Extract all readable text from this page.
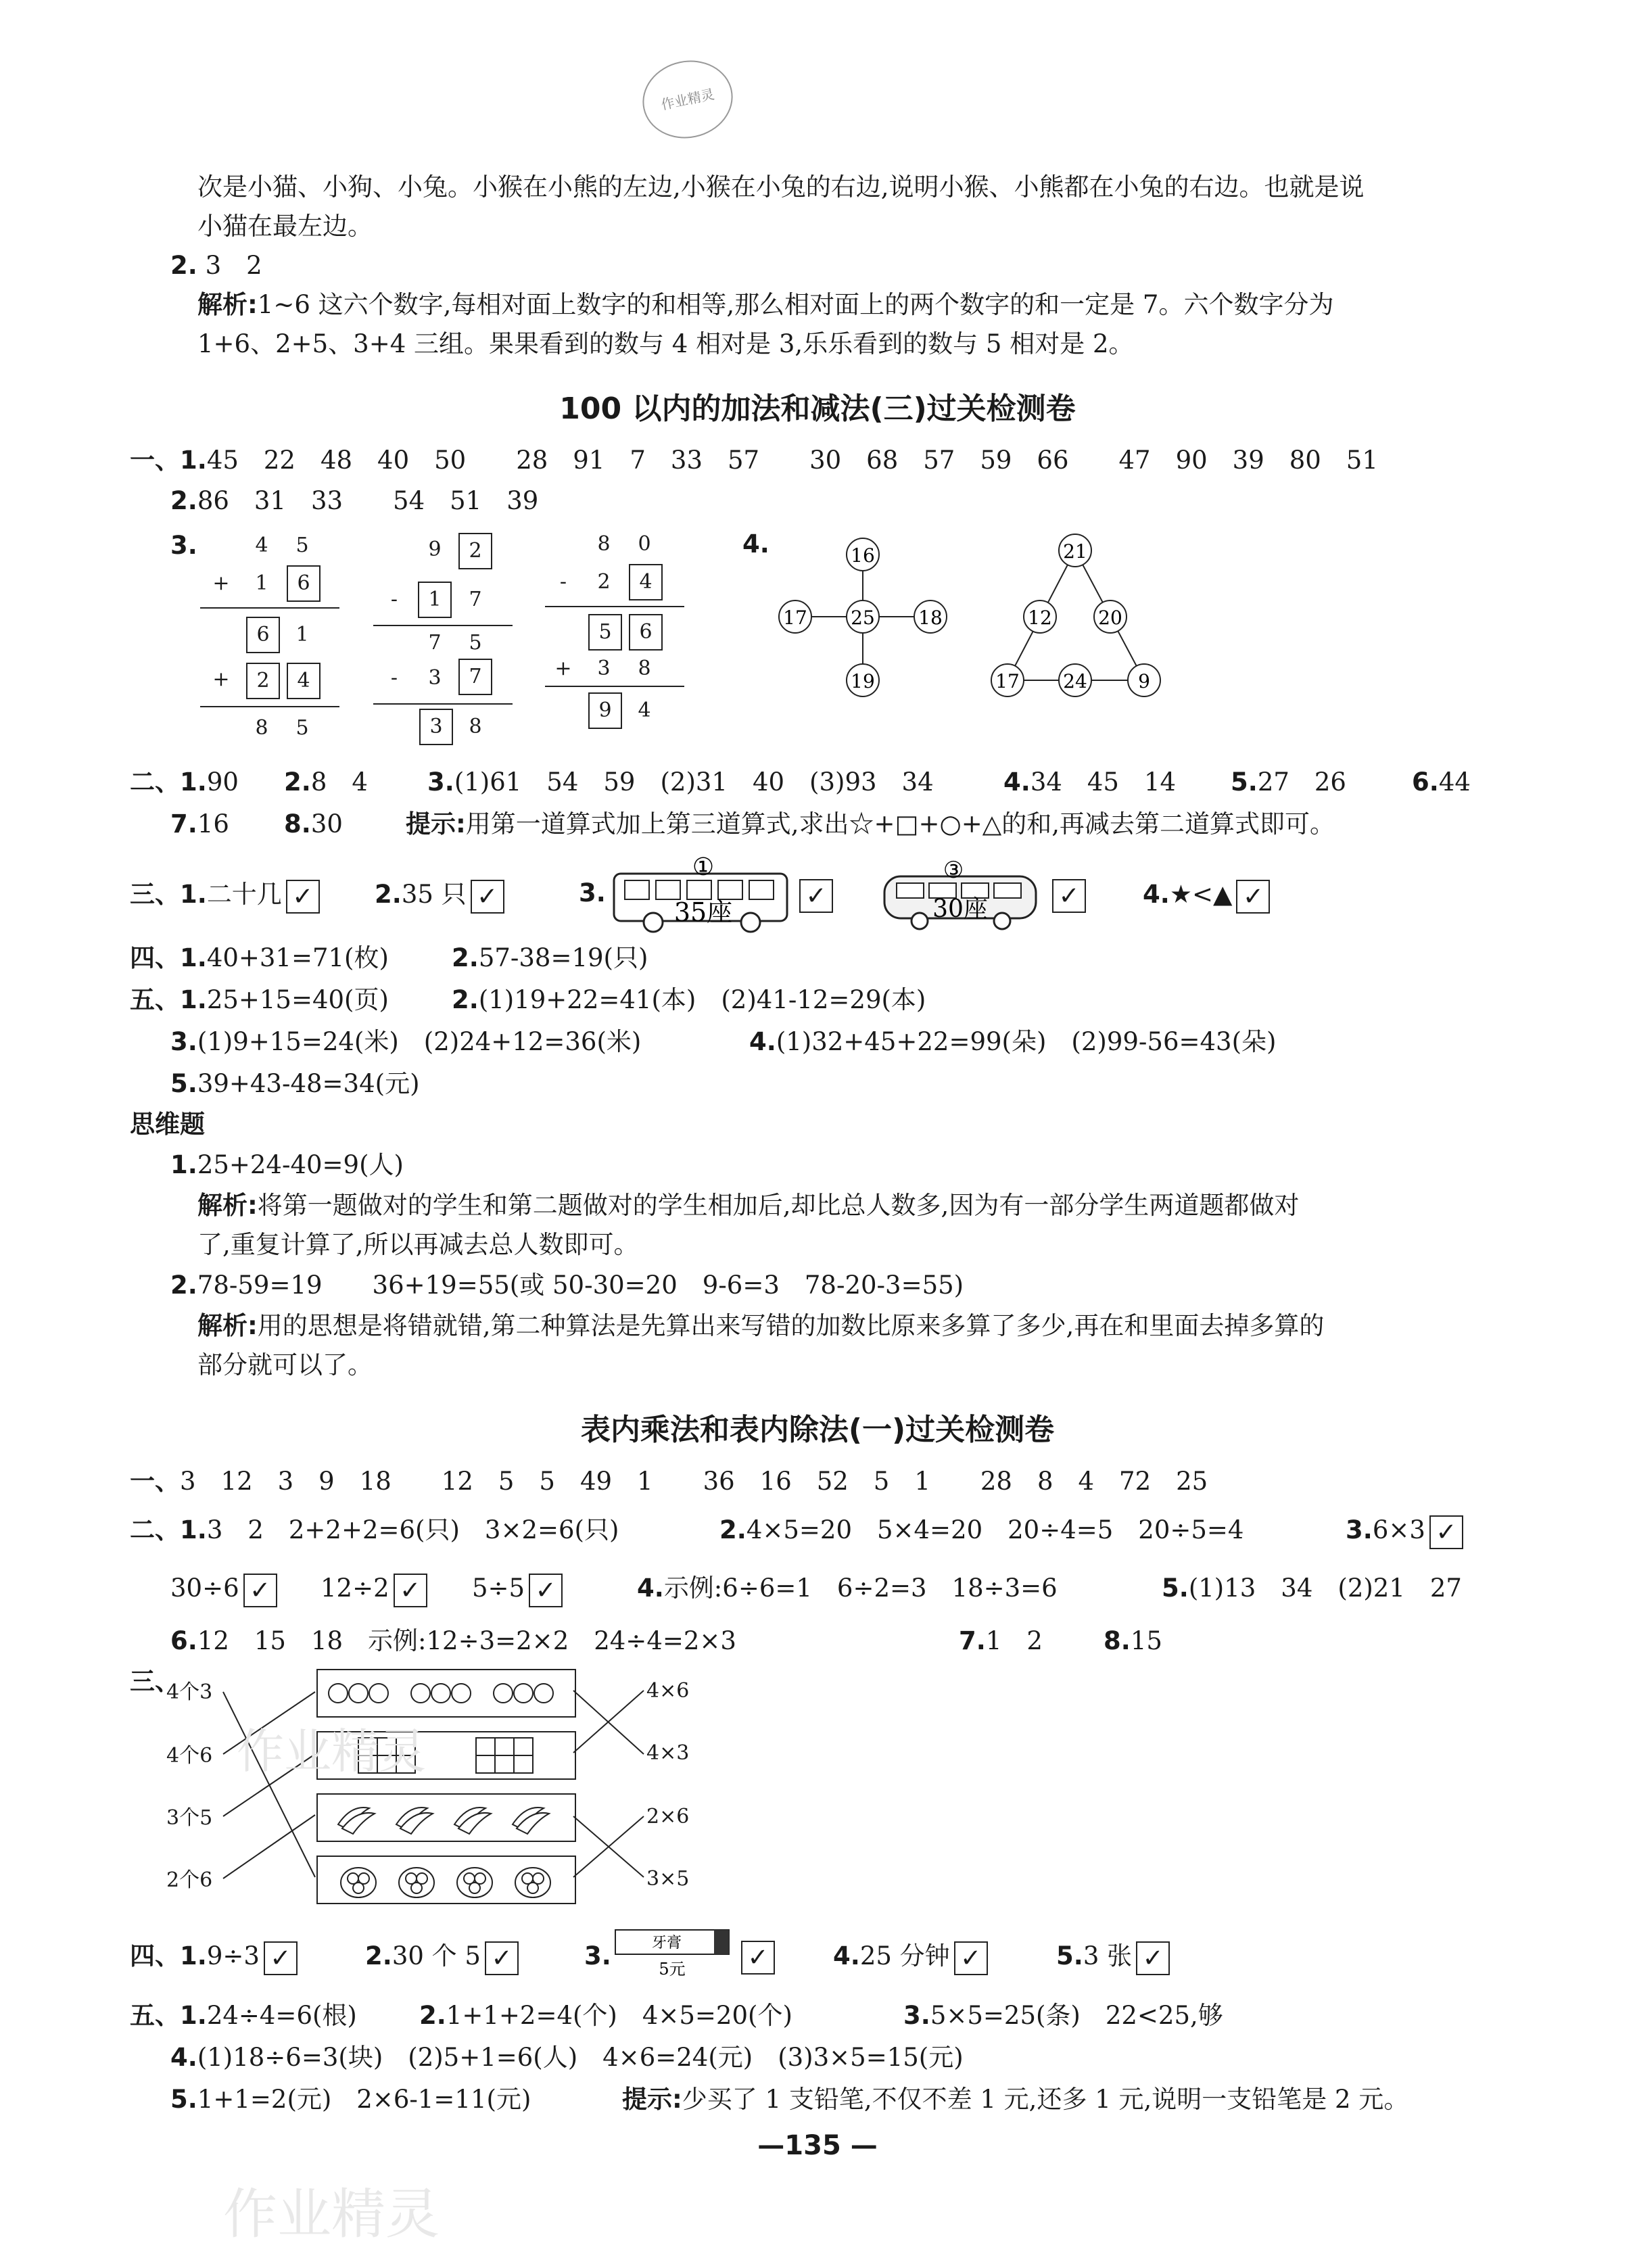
作业精灵
次是小猫、小狗、小兔。小猴在小熊的左边,小猴在小兔的右边,说明小猴、小熊都在小兔的右边。也就是说
小猫在最左边。
2. 3　2
解析:1~6 这六个数字,每相对面上数字的和相等,那么相对面上的两个数字的和一定是 7。六个数字分为
1+6、2+5、3+4 三组。果果看到的数与 4 相对是 3,乐乐看到的数与 5 相对是 2。
100 以内的加法和减法(三)过关检测卷
一、1.45　22　48　40　50　　28　91　7　33　57　　30　68　57　59　66　　47　90　39　80　51
2.86　31　33　　54　51　39
3.	4	5
+	1	6
6	1
+	2	4
8	5
9	2
-	1	7
7	5
-	3	7
3	8
8	0
-	2	4
5	6
+	3	8
9	4
4.	16
17 25 18
19
21
12 20
17 24	9
二、1.90 2.8　4 3.(1)61　54　59　(2)31　40　(3)93　34	4.34　45　14 5.27　26	6.44
7.16 8.30	提示:用第一道算式加上第三道算式,求出☆+□+○+△的和,再减去第二道算式即可。
三、1.二十几 ✓ 2.35 只 ✓	3.
①
35座
✓
③
30座	✓	4.★<▲ ✓
四、1.40+31=71(枚)	2.57-38=19(只)
五、1.25+15=40(页)	2.(1)19+22=41(本)　(2)41-12=29(本)
3.(1)9+15=24(米)　(2)24+12=36(米)	4.(1)32+45+22=99(朵)　(2)99-56=43(朵)
5.39+43-48=34(元)
思维题
1.25+24-40=9(人)
解析:将第一题做对的学生和第二题做对的学生相加后,却比总人数多,因为有一部分学生两道题都做对
了,重复计算了,所以再减去总人数即可。
2.78-59=19　　36+19=55(或 50-30=20　9-6=3　78-20-3=55)
解析:用的思想是将错就错,第二种算法是先算出来写错的加数比原来多算了多少,再在和里面去掉多算的
部分就可以了。
表内乘法和表内除法(一)过关检测卷
一、3　12　3　9　18　　12　5　5　49　1　　36　16　52　5　1　　28　8　4　72　25
二、1.3　2　2+2+2=6(只)　3×2=6(只)	2.4×5=20　5×4=20　20÷4=5　20÷5=4	3.6×3 ✓
30÷6 ✓ 12÷2 ✓ 5÷5 ✓	4.示例:6÷6=1　6÷2=3　18÷3=6	5.(1)13　34　(2)21　27
6.12　15　18　示例:12÷3=2×2　24÷4=2×3	7.1　2 8.15
三、
4个3
4个6
3个5
2个6
4×6
4×3
2×6
3×5
作业精灵
四、1.9÷3 ✓	2.30 个 5 ✓	3.	牙膏
5元 ✓	4.25 分钟 ✓	5.3 张 ✓
五、1.24÷4=6(根) 2.1+1+2=4(个)　4×5=20(个)	3.5×5=25(条)　22<25,够
4.(1)18÷6=3(块)　(2)5+1=6(人)　4×6=24(元)　(3)3×5=15(元)
5.1+1=2(元)　2×6-1=11(元)	提示:少买了 1 支铅笔,不仅不差 1 元,还多 1 元,说明一支铅笔是 2 元。
—135 —
作业精灵
